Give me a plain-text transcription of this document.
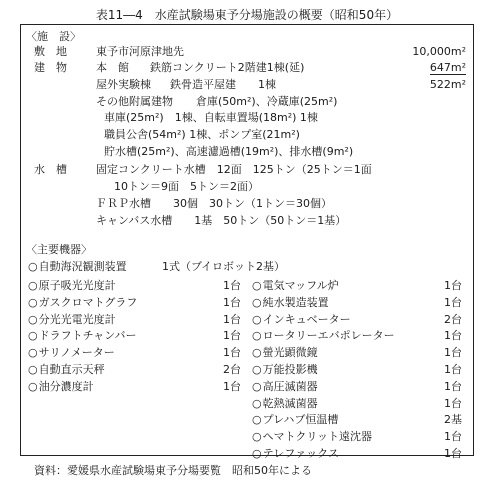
表11―4　水産試験場東予分場施設の概要（昭和50年）
〈施　設〉
敷　地	東予市河原津地先	10,000m²
建　物	本　館 鉄筋コンクリート2階建1棟(延)	647m²
屋外実験棟 鉄骨造平屋建　　1棟	522m²
その他附属建物 倉庫(50m²)、冷蔵庫(25m²)
車庫(25m²)　1棟、自転車置場(18m²) 1棟
職員公舎(54m²) 1棟、ポンプ室(21m²)
貯水槽(25m²)、高速濾過槽(19m²)、排水槽(9m²)
水　槽	固定コンクリート水槽　12面　125トン（25トン＝1面
10トン＝9面　5トン＝2面）
ＦＲＰ水槽　　30個　30トン（1トン＝30個）
キャンバス水槽　　1基　50トン（50トン＝1基）
〈主要機器〉
○自動海況観測装置	1式（ブイロボット2基）
○原子吸光光度計	1台
○ガスクロマトグラフ	1台
○分光光電光度計	1台
○ドラフトチャンバー	1台
○サリノメーター	1台
○自動直示天秤	2台
○油分濃度計	1台
○電気マッフル炉	1台
○純水製造装置	1台
○インキュベーター	2台
○ロータリーエバポレーター	1台
○螢光顕微鏡	1台
○万能投影機	1台
○高圧滅菌器	1台
○乾熱滅菌器	1台
○プレハブ恒温槽	2基
○ヘマトクリット遠沈器	1台
○テレファックス	1台
資料：愛媛県水産試験場東予分場要覧　昭和50年による
